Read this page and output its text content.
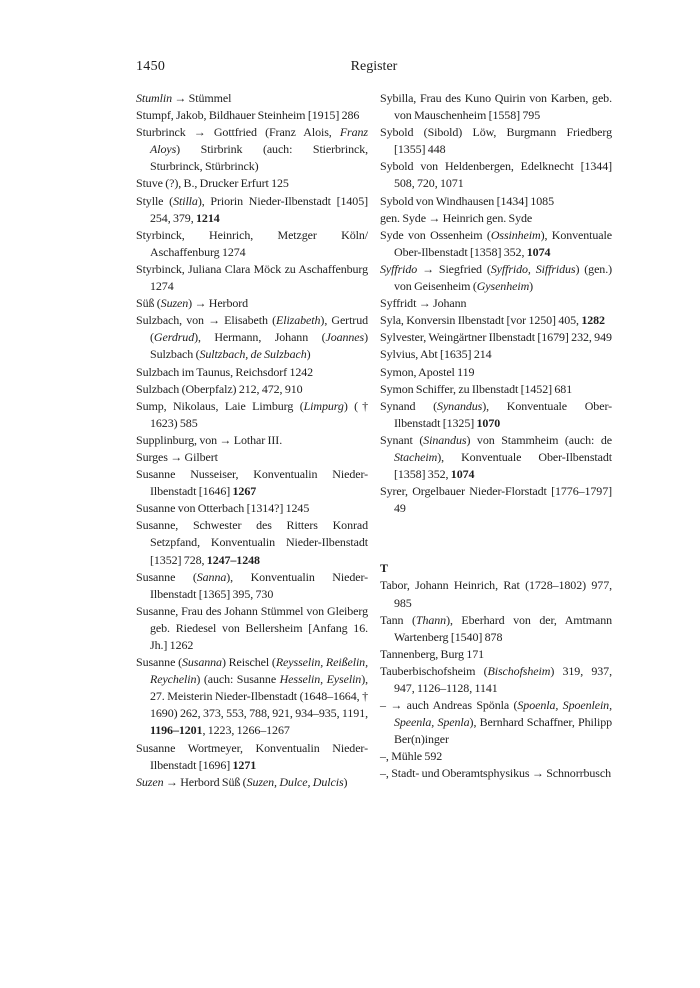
1450	Register

Stumlin → Stümmel

Stumpf, Jakob, Bildhauer Steinheim [1915] 286

Sturbrinck → Gottfried (Franz Alois, Franz Aloys) Stirbrink (auch: Stierbrinck, Sturbrinck, Stürbrinck)

Stuve (?), B., Drucker Erfurt 125

Stylle (Stilla), Priorin Nieder-Ilbenstadt [1405] 254, 379, 1214

Styrbinck, Heinrich, Metzger Köln/​Aschaffenburg 1274

Styrbinck, Juliana Clara Möck zu Aschaffenburg 1274

Süß (Suzen) → Herbord

Sulzbach, von → Elisabeth (Elizabeth), Gertrud (Gerdrud), Hermann, Johann (Joannes) Sulzbach (Sultzbach, de Sulzbach)

Sulzbach im Taunus, Reichsdorf 1242

Sulzbach (Oberpfalz) 212, 472, 910

Sump, Nikolaus, Laie Limburg (Limpurg) († 1623) 585

Supplinburg, von → Lothar III.

Surges → Gilbert

Susanne Nusseiser, Konventualin Nieder-Ilbenstadt [1646] 1267

Susanne von Otterbach [1314?] 1245

Susanne, Schwester des Ritters Konrad Setzpfand, Konventualin Nieder-Ilbenstadt [1352] 728, 1247–1248

Susanne (Sanna), Konventualin Nieder-Ilbenstadt [1365] 395, 730

Susanne, Frau des Johann Stümmel von Gleiberg geb. Riedesel von Bellersheim [Anfang 16. Jh.] 1262

Susanne (Susanna) Reischel (Reysselin, Reißelin, Reychelin) (auch: Susanne Hesselin, Eyselin), 27. Meisterin Nieder-Ilbenstadt (1648–1664, † 1690) 262, 373, 553, 788, 921, 934–935, 1191, 1196–1201, 1223, 1266–1267

Susanne Wortmeyer, Konventualin Nieder-Ilbenstadt [1696] 1271

Suzen → Herbord Süß (Suzen, Dulce, Dulcis)

Sybilla, Frau des Kuno Quirin von Karben, geb. von Mauschenheim [1558] 795

Sybold (Sibold) Löw, Burgmann Friedberg [1355] 448

Sybold von Heldenbergen, Edelknecht [1344] 508, 720, 1071

Sybold von Windhausen [1434] 1085

gen. Syde → Heinrich gen. Syde

Syde von Ossenheim (Ossinheim), Konventuale Ober-Ilbenstadt [1358] 352, 1074

Syffrido → Siegfried (Syffrido, Siffridus) (gen.) von Geisenheim (Gysenheim)

Syffridt → Johann

Syla, Konversin Ilbenstadt [vor 1250] 405, 1282

Sylvester, Weingärtner Ilbenstadt [1679] 232, 949

Sylvius, Abt [1635] 214

Symon, Apostel 119

Symon Schiffer, zu Ilbenstadt [1452] 681

Synand (Synandus), Konventuale Ober-Ilbenstadt [1325] 1070

Synant (Sinandus) von Stammheim (auch: de Stacheim), Konventuale Ober-Ilbenstadt [1358] 352, 1074

Syrer, Orgelbauer Nieder-Florstadt [1776–1797] 49

T

Tabor, Johann Heinrich, Rat (1728–1802) 977, 985

Tann (Thann), Eberhard von der, Amtmann Wartenberg [1540] 878

Tannenberg, Burg 171

Tauberbischofsheim (Bischofsheim) 319, 937, 947, 1126–1128, 1141

– → auch Andreas Spönla (Spoenla, Spoenlein, Speenla, Spenla), Bernhard Schaffner, Philipp Ber(n)inger

–, Mühle 592

–, Stadt- und Oberamtsphysikus → Schnorrbusch
